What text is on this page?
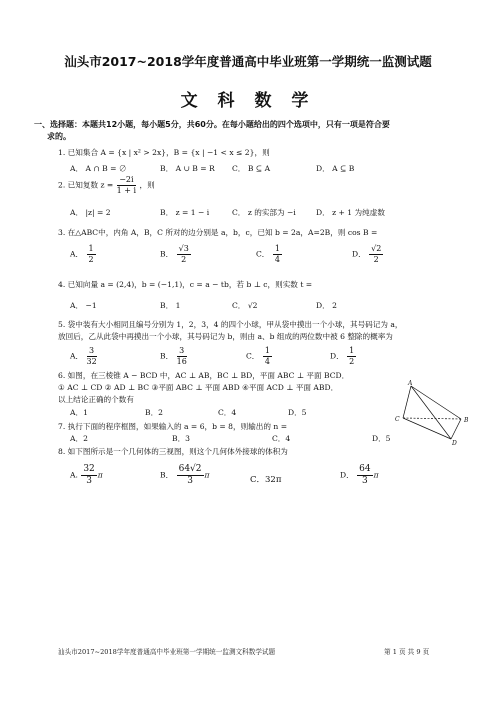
汕头市2017~2018学年度普通高中毕业班第一学期统一监测试题
文 科 数 学
一、选择题：本题共12小题，每小题5分，共60分。在每小题给出的四个选项中，只有一项是符合要
求的。
1. 已知集合 A = {x | x² > 2x}，B = {x | −1 < x ≤ 2}，则
A． A ∩ B = ∅	B． A ∪ B = R C． B ⊆ A	D． A ⊆ B
2. 已知复数 $z = \frac{-2i}{1 + i}$ ，则
A． |z| = 2	B． z = 1 − i	C． z 的实部为 −i	D． z + 1 为纯虚数
3. 在△ABC中，内角 A，B，C 所对的边分别是 a，b，c，已知 b = 2a，A=2B，则 cos B =
A． $\frac{1}{2}$	B． $\frac{√3}{2}$	C． $\frac{1}{4}$	D． $\frac{√2}{2}$
4. 已知向量 a = (2,4)，b = (−1,1)，c = a − tb，若 b ⊥ c，则实数 t =
A． −1	B． 1	C． √2	D． 2
5. 袋中装有大小相同且编号分别为 1，2，3，4 的四个小球，甲从袋中摸出一个小球，其号码记为 a，
放回后，乙从此袋中再摸出一个小球，其号码记为 b，则由 a、b 组成的两位数中被 6 整除的概率为
A． $\frac{3}{32}$	B． $\frac{3}{16}$	C． $\frac{1}{4}$	D． $\frac{1}{2}$
6. 如图，在三棱锥 A − BCD 中，AC ⊥ AB，BC ⊥ BD，平面 ABC ⊥ 平面 BCD．
① AC ⊥ CD ② AD ⊥ BC ③平面 ABC ⊥ 平面 ABD ④平面 ACD ⊥ 平面 ABD．
以上结论正确的个数有
A．1	B．2	C．4	D．5
A
C	B
D
7. 执行下面的程序框图，如果输入的 a = 6，b = 8，则输出的 n =
A．2	B．3	C．4	D．5
8. 如下图所示是一个几何体的三视图，则这个几何体外接球的体积为
A. $\frac{32}{3}$ π	B． $\frac{64√2}{3}$ π	C．32π	D． $\frac{64}{3}$ π
汕头市2017~2018学年度普通高中毕业班第一学期统一监测文科数学试题	第 1 页 共 9 页
